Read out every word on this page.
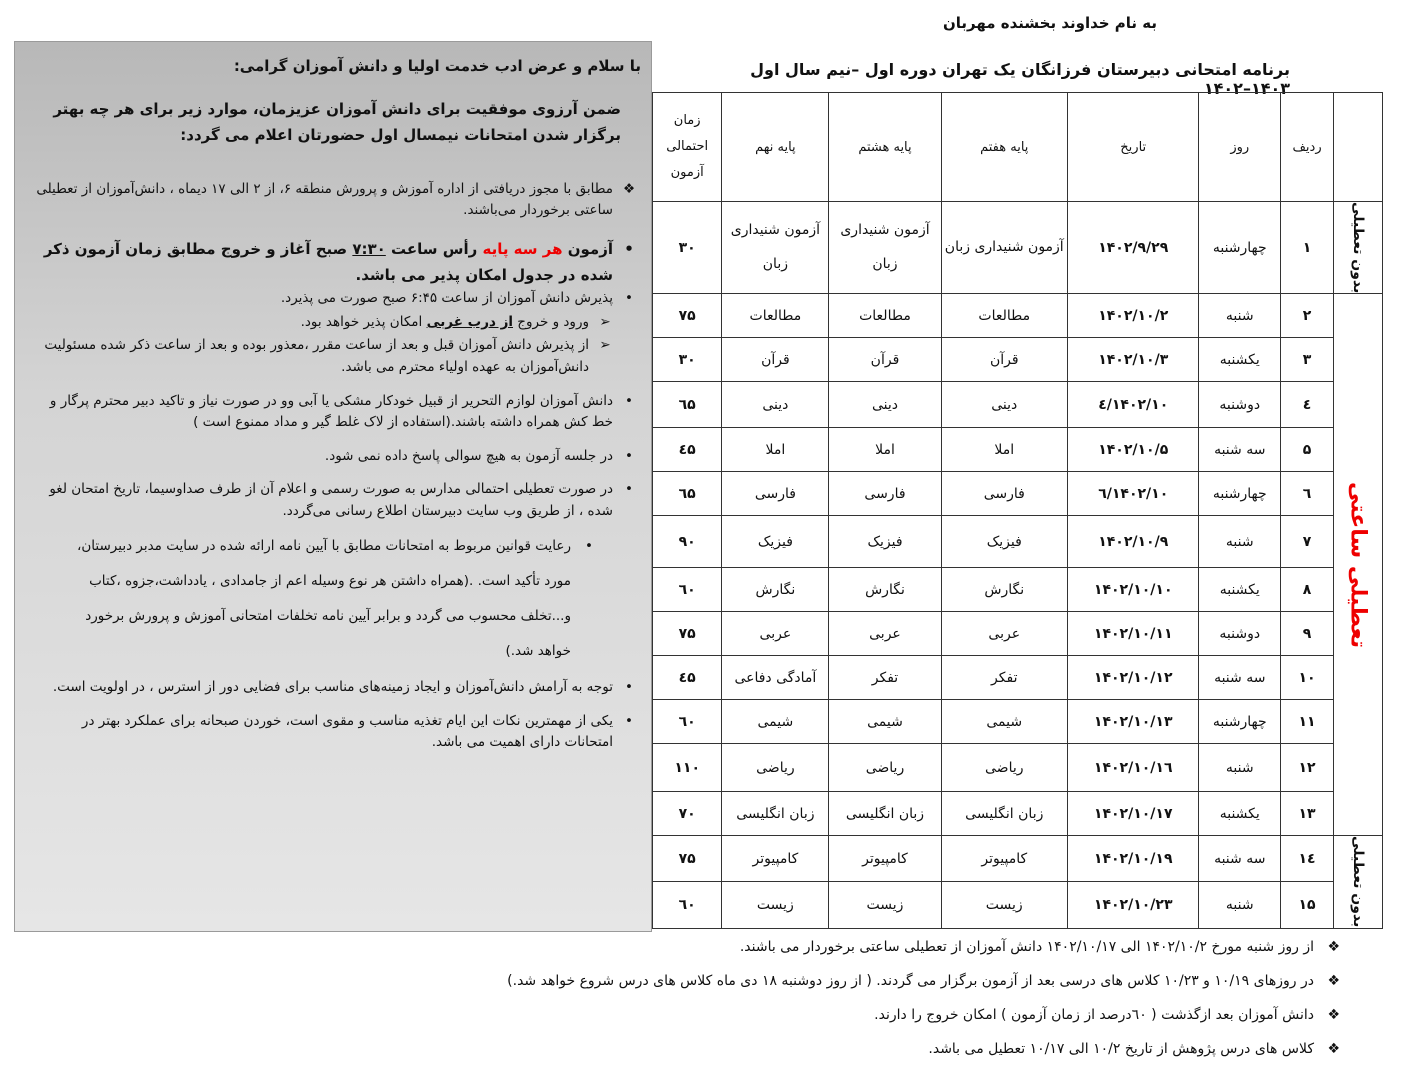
به نام خداوند بخشنده مهربان
برنامه امتحانی دبیرستان فرزانگان یک تهران دوره اول –نیم سال اول ۱۴۰۳–۱۴۰۲
با سلام و عرض ادب خدمت اولیا و دانش آموزان گرامی:
ضمن آرزوی موفقیت برای دانش آموزان عزیزمان، موارد زیر برای هر چه بهتر برگزار شدن امتحانات نیمسال اول حضورتان اعلام می گردد:
❖
مطابق با مجوز دریافتی از اداره آموزش و پرورش منطقه ۶، از ۲ الی ۱۷ دیماه ، دانش‌آموزان از تعطیلی ساعتی برخوردار می‌باشند.
•
آزمون هر سه پایه رأس ساعت ۷:۳۰ صبح آغاز و خروج مطابق زمان آزمون ذکر شده در جدول امکان پذیر می باشد.
•
پذیرش دانش آموزان از ساعت ۶:۴۵ صبح صورت می پذیرد.
➢
ورود و خروج از درب غربی امکان پذیر خواهد بود.
➢
از پذیرش دانش آموزان قبل و بعد از ساعت مقرر ،معذور بوده و بعد از ساعت ذکر شده مسئولیت دانش‌آموزان به عهده اولیاء محترم می باشد.
•
دانش آموزان لوازم التحریر از قبیل خودکار مشکی یا آبی وو در صورت نیاز و تاکید دبیر محترم پرگار و خط کش همراه داشته باشند.(استفاده از لاک غلط گیر و مداد ممنوع است )
•
در جلسه آزمون به هیچ سوالی پاسخ داده نمی شود.
•
در صورت تعطیلی احتمالی مدارس به صورت رسمی و اعلام آن از طرف صداوسیما، تاریخ امتحان لغو شده ، از طریق وب سایت دبیرستان اطلاع رسانی می‌گردد.
•
رعایت قوانین مربوط به امتحانات مطابق با آیین نامه ارائه شده در سایت مدبر دبیرستان، مورد تأکید است. .(همراه داشتن هر نوع وسیله اعم از جامدادی ، یادداشت،جزوه ،کتاب و...تخلف محسوب می گردد و برابر آیین نامه تخلفات امتحانی آموزش و پرورش برخورد خواهد شد.)
•
توجه به آرامش دانش‌آموزان و ایجاد زمینه‌های مناسب برای فضایی دور از استرس ، در اولویت است.
•
یکی از مهمترین نکات این ایام تغذیه مناسب و مقوی است، خوردن صبحانه برای عملکرد بهتر در امتحانات دارای اهمیت می باشد.
	ردیف	روز	تاریخ	پایه هفتم	پایه هشتم	پایه نهم	زمان
احتمالی
آزمون

بدون تعطیلی	۱	چهارشنبه	۱۴۰۲/۹/۲۹	آزمون شنیداری زبان	آزمون شنیداری زبان	آزمون شنیداری زبان	۳۰

تعطیلی ساعتی	۲	شنبه	۱۴۰۲/۱۰/۲	مطالعات	مطالعات	مطالعات	۷۵
	۳	یکشنبه	۱۴۰۲/۱۰/۳	قرآن	قرآن	قرآن	۳۰
	٤	دوشنبه	۱۴۰۲/۱۰/٤	دینی	دینی	دینی	٦۵
	۵	سه شنبه	۱۴۰۲/۱۰/۵	املا	املا	املا	٤۵
	٦	چهارشنبه	۱۴۰۲/۱۰/٦	فارسی	فارسی	فارسی	٦۵
	۷	شنبه	۱۴۰۲/۱۰/۹	فیزیک	فیزیک	فیزیک	۹۰
	۸	یکشنبه	۱۴۰۲/۱۰/۱۰	نگارش	نگارش	نگارش	٦۰
	۹	دوشنبه	۱۴۰۲/۱۰/۱۱	عربی	عربی	عربی	۷۵
	۱۰	سه شنبه	۱۴۰۲/۱۰/۱۲	تفکر	تفکر	آمادگی دفاعی	٤۵
	۱۱	چهارشنبه	۱۴۰۲/۱۰/۱۳	شیمی	شیمی	شیمی	٦۰
	۱۲	شنبه	۱۴۰۲/۱۰/۱٦	ریاضی	ریاضی	ریاضی	۱۱۰
	۱۳	یکشنبه	۱۴۰۲/۱۰/۱۷	زبان انگلیسی	زبان انگلیسی	زبان انگلیسی	۷۰

بدون تعطیلی	۱٤	سه شنبه	۱۴۰۲/۱۰/۱۹	کامپیوتر	کامپیوتر	کامپیوتر	۷۵
	۱۵	شنبه	۱۴۰۲/۱۰/۲۳	زیست	زیست	زیست	٦۰
❖
از روز شنبه مورخ ۱۴۰۲/۱۰/۲ الی ۱۴۰۲/۱۰/۱۷ دانش آموزان از تعطیلی ساعتی برخوردار می باشند.
❖
در روزهای ۱۰/۱۹ و ۱۰/۲۳ کلاس های درسی بعد از آزمون برگزار می گردند. ( از روز دوشنبه ۱۸ دی ماه کلاس های درس شروع خواهد شد.)
❖
دانش آموزان بعد ازگذشت ( ٦۰درصد از زمان آزمون ) امکان خروج را دارند.
❖
کلاس های درس پژوهش از تاریخ ۱۰/۲ الی ۱۰/۱۷ تعطیل می باشد.
